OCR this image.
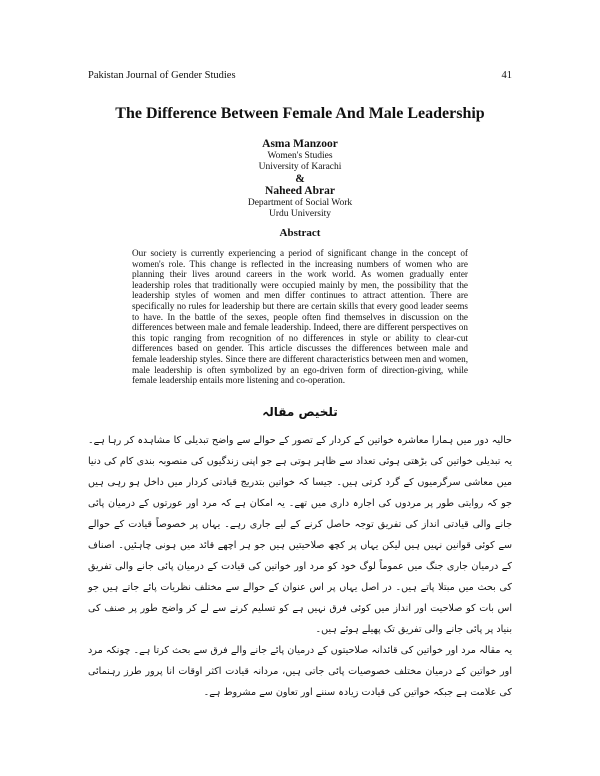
Pakistan Journal of Gender Studies	41
The Difference Between Female And Male Leadership
Asma Manzoor
Women's Studies
University of Karachi
&
Naheed Abrar
Department of Social Work
Urdu University
Abstract

Our society is currently experiencing a period of significant change in the concept of women's role. This change is reflected in the increasing numbers of women who are planning their lives around careers in the work world. As women gradually enter leadership roles that traditionally were occupied mainly by men, the possibility that the leadership styles of women and men differ continues to attract attention. There are specifically no rules for leadership but there are certain skills that every good leader seems to have. In the battle of the sexes, people often find themselves in discussion on the differences between male and female leadership. Indeed, there are different perspectives on this topic ranging from recognition of no differences in style or ability to clear-cut differences based on gender. This article discusses the differences between male and female leadership styles. Since there are different characteristics between men and women, male leadership is often symbolized by an ego-driven form of direction-giving, while female leadership entails more listening and co-operation.

تلخیص مقالہ

حالیہ دور میں ہمارا معاشرہ خواتین کے کردار کے تصور کے حوالے سے واضح تبدیلی کا مشاہدہ کر رہا ہے۔ یہ تبدیلی خواتین کی بڑھتی ہوئی تعداد سے ظاہر ہوتی ہے جو اپنی زندگیوں کی منصوبہ بندی کام کی دنیا میں معاشی سرگرمیوں کے گرد کرتی ہیں۔ جیسا کہ خواتین بتدریج قیادتی کردار میں داخل ہو رہی ہیں جو کہ روایتی طور پر مردوں کی اجارہ داری میں تھے۔ یہ امکان ہے کہ مرد اور عورتوں کے درمیان پائی جانے والی قیادتی انداز کی تفریق توجہ حاصل کرنے کے لیے جاری رہے۔ یہاں پر خصوصاً قیادت کے حوالے سے کوئی قوانین نہیں ہیں لیکن یہاں پر کچھ صلاحیتیں ہیں جو ہر اچھے قائد میں ہونی چاہئیں۔ اصناف کے درمیان جاری جنگ میں عموماً لوگ خود کو مرد اور خواتین کی قیادت کے درمیان پائی جانے والی تفریق کی بحث میں مبتلا پاتے ہیں۔ در اصل یہاں پر اس عنوان کے حوالے سے مختلف نظریات پائے جاتے ہیں جو اس بات کو صلاحیت اور انداز میں کوئی فرق نہیں ہے کو تسلیم کرنے سے لے کر واضح طور پر صنف کی بنیاد پر پائی جانے والی تفریق تک پھیلے ہوئے ہیں۔

یہ مقالہ مرد اور خواتین کی قائدانہ صلاحیتوں کے درمیان پائے جانے والے فرق سے بحث کرتا ہے۔ چونکہ مرد اور خواتین کے درمیان مختلف خصوصیات پائی جاتی ہیں، مردانہ قیادت اکثر اوقات انا پرور طرز رہنمائی کی علامت ہے جبکہ خواتین کی قیادت زیادہ سننے اور تعاون سے مشروط ہے۔
